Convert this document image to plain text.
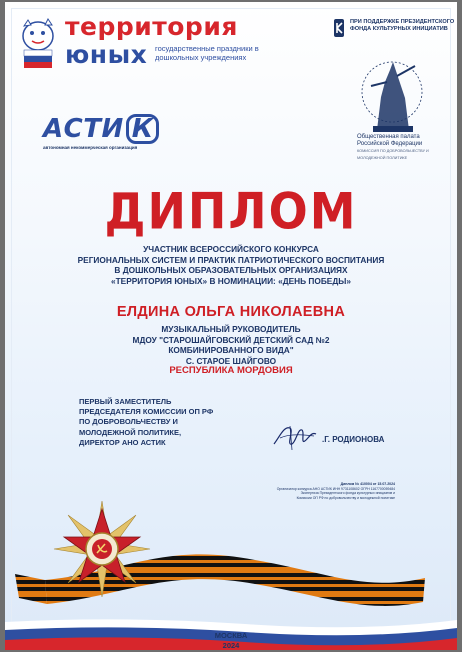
территория
юных государственные праздники в дошкольных учреждениях
ПРИ ПОДДЕРЖКЕ ПРЕЗИДЕНТСКОГО ФОНДА КУЛЬТУРНЫХ ИНИЦИАТИВ
Общественная палата Российской Федерации
КОМИССИЯ ПО ДОБРОВОЛЬЧЕСТВУ И МОЛОДЕЖНОЙ ПОЛИТИКЕ
АСТИ К
автономная некоммерческая организация
ДИПЛОМ
УЧАСТНИК ВСЕРОССИЙСКОГО КОНКУРСА
РЕГИОНАЛЬНЫХ СИСТЕМ И ПРАКТИК ПАТРИОТИЧЕСКОГО ВОСПИТАНИЯ
В ДОШКОЛЬНЫХ ОБРАЗОВАТЕЛЬНЫХ ОРГАНИЗАЦИЯХ
«ТЕРРИТОРИЯ ЮНЫХ» В НОМИНАЦИИ: «ДЕНЬ ПОБЕДЫ»
ЕЛДИНА ОЛЬГА НИКОЛАЕВНА
МУЗЫКАЛЬНЫЙ РУКОВОДИТЕЛЬ
МДОУ "СТАРОШАЙГОВСКИЙ ДЕТСКИЙ САД №2
КОМБИНИРОВАННОГО ВИДА"
С. СТАРОЕ ШАЙГОВО
РЕСПУБЛИКА МОРДОВИЯ
ПЕРВЫЙ ЗАМЕСТИТЕЛЬ
ПРЕДСЕДАТЕЛЯ КОМИССИИ ОП РФ
ПО ДОБРОВОЛЬЧЕСТВУ И
МОЛОДЕЖНОЙ ПОЛИТИКЕ,
ДИРЕКТОР АНО АСТИК	.Г. РОДИОНОВА
Диплом № 410004 от 15.07.2024
Организатор конкурса АНО АСТИК ИНН 9731108602 ОГРН 1167700059484
Экспертиза Президентского фонда культурных инициатив и
Комиссии ОП РФ по добровольчеству и молодежной политике
МОСКВА
2024
